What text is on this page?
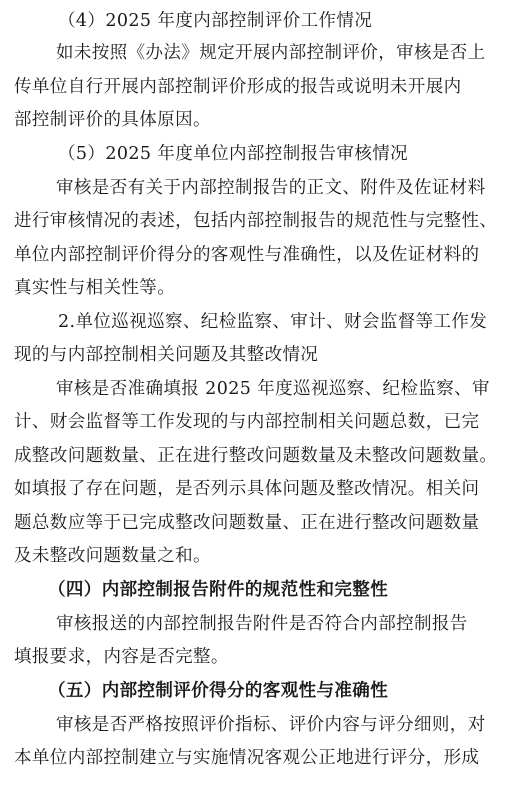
（4）2025 年度内部控制评价工作情况
如未按照《办法》规定开展内部控制评价，审核是否上
传单位自行开展内部控制评价形成的报告或说明未开展内
部控制评价的具体原因。
（5）2025 年度单位内部控制报告审核情况
审核是否有关于内部控制报告的正文、附件及佐证材料
进行审核情况的表述，包括内部控制报告的规范性与完整性、
单位内部控制评价得分的客观性与准确性，以及佐证材料的
真实性与相关性等。
2.单位巡视巡察、纪检监察、审计、财会监督等工作发
现的与内部控制相关问题及其整改情况
审核是否准确填报 2025 年度巡视巡察、纪检监察、审
计、财会监督等工作发现的与内部控制相关问题总数，已完
成整改问题数量、正在进行整改问题数量及未整改问题数量。
如填报了存在问题，是否列示具体问题及整改情况。相关问
题总数应等于已完成整改问题数量、正在进行整改问题数量
及未整改问题数量之和。
（四）内部控制报告附件的规范性和完整性
审核报送的内部控制报告附件是否符合内部控制报告
填报要求，内容是否完整。
（五）内部控制评价得分的客观性与准确性
审核是否严格按照评价指标、评价内容与评分细则，对
本单位内部控制建立与实施情况客观公正地进行评分，形成
